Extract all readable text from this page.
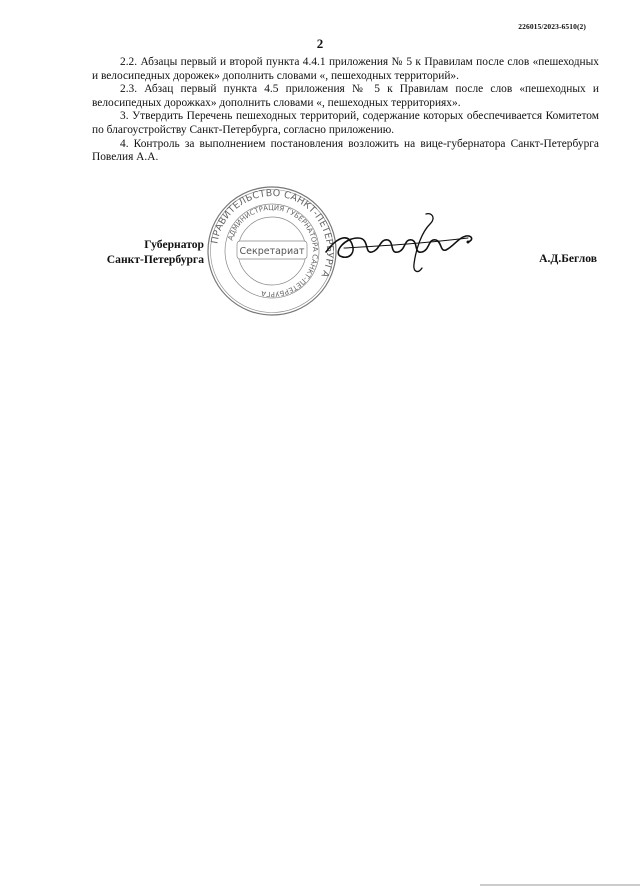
226015/2023-6510(2)
2

2.2. Абзацы первый и второй пункта 4.4.1 приложения № 5 к Правилам после слов «пешеходных и велосипедных дорожек» дополнить словами «, пешеходных территорий».

2.3. Абзац первый пункта 4.5 приложения № 5 к Правилам после слов «пешеходных и велосипедных дорожках» дополнить словами «, пешеходных территориях».

3. Утвердить Перечень пешеходных территорий, содержание которых обеспечивается Комитетом по благоустройству Санкт-Петербурга, согласно приложению.

4. Контроль за выполнением постановления возложить на вице-губернатора Санкт-Петербурга Повелия А.А.

ПРАВИТЕЛЬСТВО САНКТ-ПЕТЕРБУРГА
АДМИНИСТРАЦИЯ ГУБЕРНАТОРА САНКТ-ПЕТЕРБУРГА
Секретариат
Губернатор
Санкт-Петербурга	А.Д.Беглов
